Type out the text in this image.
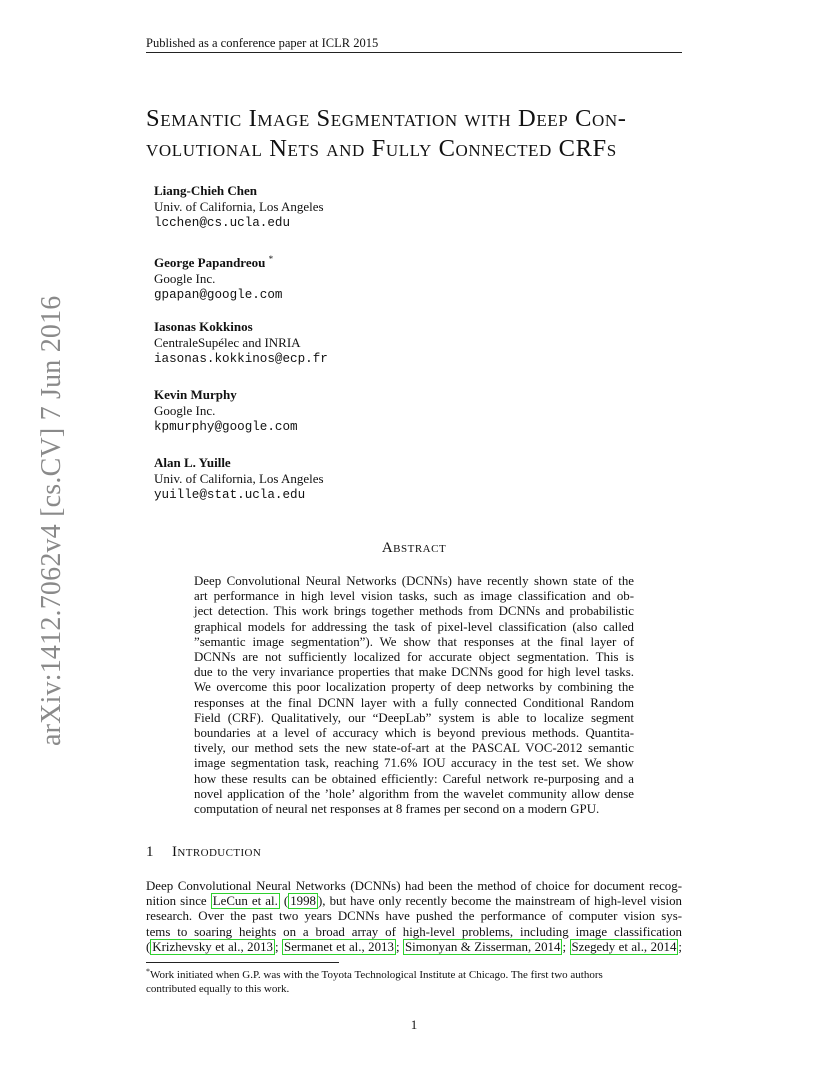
Published as a conference paper at ICLR 2015
arXiv:1412.7062v4 [cs.CV] 7 Jun 2016
Semantic Image Segmentation with Deep Con-
volutional Nets and Fully Connected CRFs
Liang-Chieh Chen
Univ. of California, Los Angeles
lcchen@cs.ucla.edu
George Papandreou *
Google Inc.
gpapan@google.com
Iasonas Kokkinos
CentraleSupélec and INRIA
iasonas.kokkinos@ecp.fr
Kevin Murphy
Google Inc.
kpmurphy@google.com
Alan L. Yuille
Univ. of California, Los Angeles
yuille@stat.ucla.edu
Abstract
Deep Convolutional Neural Networks (DCNNs) have recently shown state of the
art performance in high level vision tasks, such as image classification and ob-
ject detection. This work brings together methods from DCNNs and probabilistic
graphical models for addressing the task of pixel-level classification (also called
”semantic image segmentation”). We show that responses at the final layer of
DCNNs are not sufficiently localized for accurate object segmentation. This is
due to the very invariance properties that make DCNNs good for high level tasks.
We overcome this poor localization property of deep networks by combining the
responses at the final DCNN layer with a fully connected Conditional Random
Field (CRF). Qualitatively, our “DeepLab” system is able to localize segment
boundaries at a level of accuracy which is beyond previous methods. Quantita-
tively, our method sets the new state-of-art at the PASCAL VOC-2012 semantic
image segmentation task, reaching 71.6% IOU accuracy in the test set. We show
how these results can be obtained efficiently: Careful network re-purposing and a
novel application of the ’hole’ algorithm from the wavelet community allow dense
computation of neural net responses at 8 frames per second on a modern GPU.
1 Introduction
Deep Convolutional Neural Networks (DCNNs) had been the method of choice for document recog-
nition since LeCun et al. ( 1998 ), but have only recently become the mainstream of high-level vision
research. Over the past two years DCNNs have pushed the performance of computer vision sys-
tems to soaring heights on a broad array of high-level problems, including image classification
( Krizhevsky et al., 2013 ; Sermanet et al., 2013 ; Simonyan & Zisserman, 2014 ; Szegedy et al., 2014 ;
*Work initiated when G.P. was with the Toyota Technological Institute at Chicago. The first two authors
contributed equally to this work.
1
